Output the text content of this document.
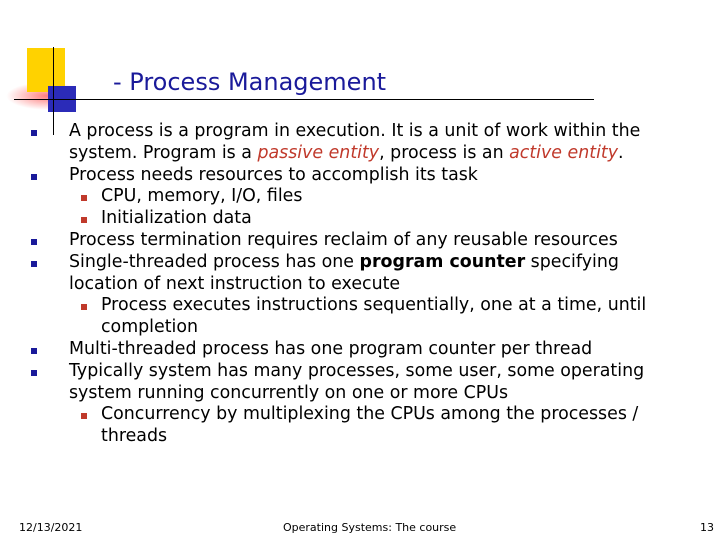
- Process Management
A process is a program in execution. It is a unit of work within the system. Program is a passive entity, process is an active entity.
Process needs resources to accomplish its task
CPU, memory, I/O, files
Initialization data
Process termination requires reclaim of any reusable resources
Single-threaded process has one program counter specifying location of next instruction to execute
Process executes instructions sequentially, one at a time, until completion
Multi-threaded process has one program counter per thread
Typically system has many processes, some user, some operating system running concurrently on one or more CPUs
Concurrency by multiplexing the CPUs among the processes / threads
12/13/2021	Operating Systems: The course	13
